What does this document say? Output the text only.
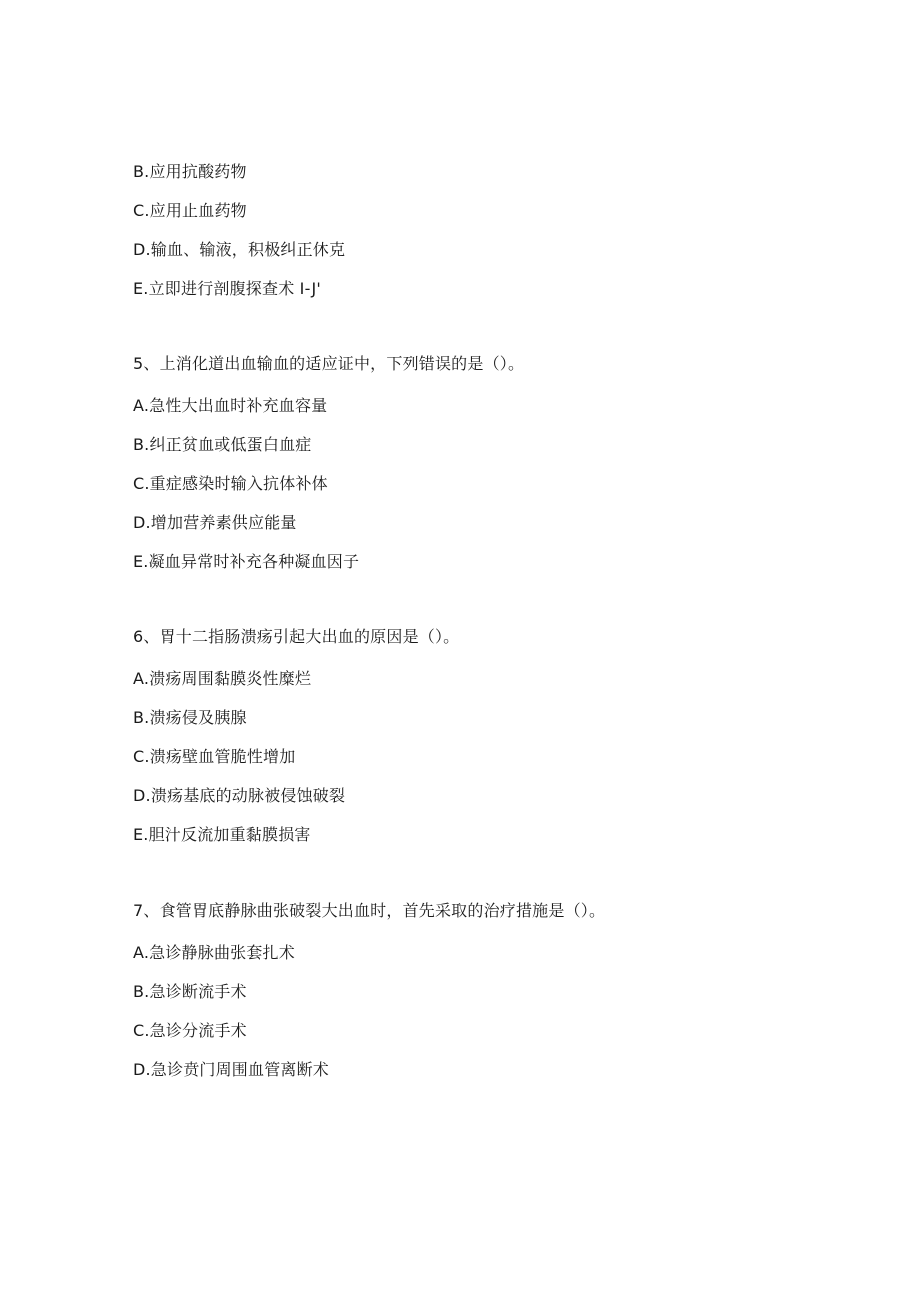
B.应用抗酸药物
C.应用止血药物
D.输血、输液，积极纠正休克
E.立即进行剖腹探查术 I-J'
5、上消化道出血输血的适应证中，下列错误的是（）。
A.急性大出血时补充血容量
B.纠正贫血或低蛋白血症
C.重症感染时输入抗体补体
D.增加营养素供应能量
E.凝血异常时补充各种凝血因子
6、胃十二指肠溃疡引起大出血的原因是（）。
A.溃疡周围黏膜炎性糜烂
B.溃疡侵及胰腺
C.溃疡壁血管脆性增加
D.溃疡基底的动脉被侵蚀破裂
E.胆汁反流加重黏膜损害
7、食管胃底静脉曲张破裂大出血时，首先采取的治疗措施是（）。
A.急诊静脉曲张套扎术
B.急诊断流手术
C.急诊分流手术
D.急诊贲门周围血管离断术
